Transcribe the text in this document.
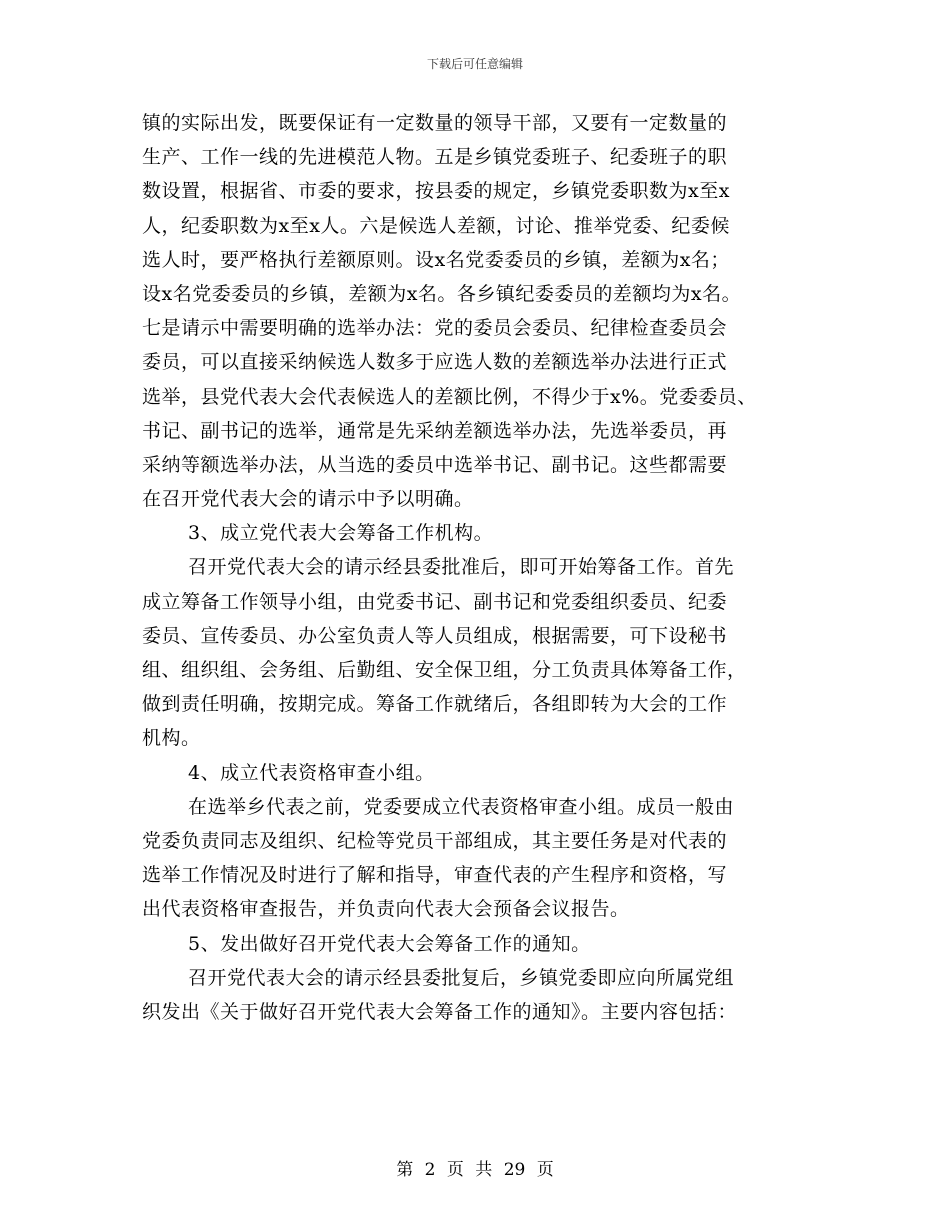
下载后可任意编辑
镇的实际出发，既要保证有一定数量的领导干部，又要有一定数量的
生产、工作一线的先进模范人物。五是乡镇党委班子、纪委班子的职
数设置，根据省、市委的要求，按县委的规定，乡镇党委职数为x至x
人，纪委职数为x至x人。六是候选人差额，讨论、推举党委、纪委候
选人时，要严格执行差额原则。设x名党委委员的乡镇，差额为x名；
设x名党委委员的乡镇，差额为x名。各乡镇纪委委员的差额均为x名。
七是请示中需要明确的选举办法：党的委员会委员、纪律检查委员会
委员，可以直接采纳候选人数多于应选人数的差额选举办法进行正式
选举，县党代表大会代表候选人的差额比例，不得少于x%。党委委员、
书记、副书记的选举，通常是先采纳差额选举办法，先选举委员，再
采纳等额选举办法，从当选的委员中选举书记、副书记。这些都需要
在召开党代表大会的请示中予以明确。
3、成立党代表大会筹备工作机构。
召开党代表大会的请示经县委批准后，即可开始筹备工作。首先
成立筹备工作领导小组，由党委书记、副书记和党委组织委员、纪委
委员、宣传委员、办公室负责人等人员组成，根据需要，可下设秘书
组、组织组、会务组、后勤组、安全保卫组，分工负责具体筹备工作，
做到责任明确，按期完成。筹备工作就绪后，各组即转为大会的工作
机构。
4、成立代表资格审查小组。
在选举乡代表之前，党委要成立代表资格审查小组。成员一般由
党委负责同志及组织、纪检等党员干部组成，其主要任务是对代表的
选举工作情况及时进行了解和指导，审查代表的产生程序和资格，写
出代表资格审查报告，并负责向代表大会预备会议报告。
5、发出做好召开党代表大会筹备工作的通知。
召开党代表大会的请示经县委批复后，乡镇党委即应向所属党组
织发出《关于做好召开党代表大会筹备工作的通知》。主要内容包括：
第 2 页 共 29 页
